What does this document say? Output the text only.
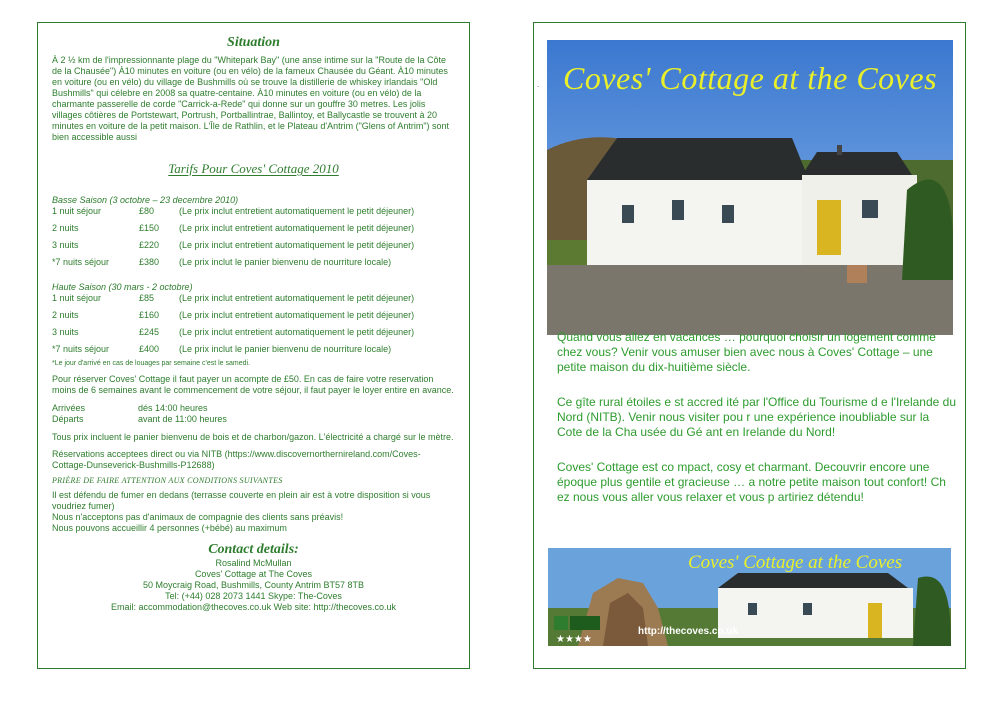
Situation
À 2 ½ km de l'impressionnante plage du "Whitepark Bay" (une anse intime sur la "Route de la Côte de la Chausée") À10 minutes en voiture (ou en vélo) de la fameux Chausée du Géant. À10 minutes en voiture (ou en vélo) du village de Bushmills où se trouve la distillerie de whiskey irlandais "Old Bushmills" qui célebre en 2008 sa quatre-centaine. À10 minutes en voiture (ou en vélo) de la charmante passerelle de corde "Carrick-a-Rede" qui donne sur un gouffre 30 metres. Les jolis villages côtières de Portstewart, Portrush, Portballintrae, Ballintoy, et Ballycastle se trouvent à 20 minutes en voiture de la petit maison. L'Île de Rathlin, et le Plateau d'Antrim ("Glens of Antrim") sont bien accessible aussi
Tarifs Pour Coves' Cottage 2010
Basse Saison (3 octobre – 23 decembre 2010)
1 nuit séjour	£80	(Le prix inclut entretient automatiquement le petit déjeuner)
2 nuits	£150	(Le prix inclut entretient automatiquement le petit déjeuner)
3 nuits	£220	(Le prix inclut entretient automatiquement le petit déjeuner)
*7 nuits séjour	£380	(Le prix inclut le panier bienvenu de nourriture locale)
Haute Saison (30 mars - 2 octobre)
1 nuit séjour	£85	(Le prix inclut entretient automatiquement le petit déjeuner)
2 nuits	£160	(Le prix inclut entretient automatiquement le petit déjeuner)
3 nuits	£245	(Le prix inclut entretient automatiquement le petit déjeuner)
*7 nuits séjour	£400	(Le prix inclut le panier bienvenu de nourriture locale)
*Le jour d'arrivé en cas de louages par semaine c'est le samedi.
Pour réserver Coves' Cottage il faut payer un acompte de £50. En cas de faire votre reservation moins de 6 semaines avant le commencement de votre séjour, il faut payer le loyer entire en avance.
Arrivées	dés 14:00 heures
Départs	avant de 11:00 heures
Tous prix incluent le panier bienvenu de bois et de charbon/gazon. L'électricité a chargé sur le mètre.
Réservations acceptees direct ou via NITB (https://www.discovernorthernireland.com/Coves-Cottage-Dunseverick-Bushmills-P12688)
PRIÈRE DE FAIRE ATTENTION AUX CONDITIONS SUIVANTES
Il est défendu de fumer en dedans (terrasse couverte en plein air est à votre disposition si vous voudriez fumer)
Nous n'acceptons pas d'animaux de compagnie des clients sans préavis!
Nous pouvons accueillir 4 personnes (+bébé) au maximum
Contact details:
Rosalind McMullan
Coves' Cottage at The Coves
50 Moycraig Road, Bushmills, County Antrim BT57 8TB
Tel: (+44) 028 2073 1441 Skype: The-Coves
Email: accommodation@thecoves.co.uk Web site: http://thecoves.co.uk
Coves' Cottage at the Coves
Quand vous allez en vacances … pourquoi choisir un logement comme chez vous? Venir vous amuser bien avec nous à Coves' Cottage – une petite maison du dix-huitième siècle.
Ce gîte rural étoiles e st accred ité par l'Office du Tourisme d e l'Irelande du Nord (NITB). Venir nous visiter pou r une expérience inoubliable sur la Cote de la Cha usée du Gé ant en Irelande du Nord!
Coves' Cottage est co mpact, cosy et charmant. Decouvrir encore une époque plus gentile et gracieuse … a notre petite maison tout confort! Ch ez nous vous aller vous relaxer et vous p artiriez détendu!
★★★★
Coves' Cottage at the Coves
http://thecoves.co.uk
.
